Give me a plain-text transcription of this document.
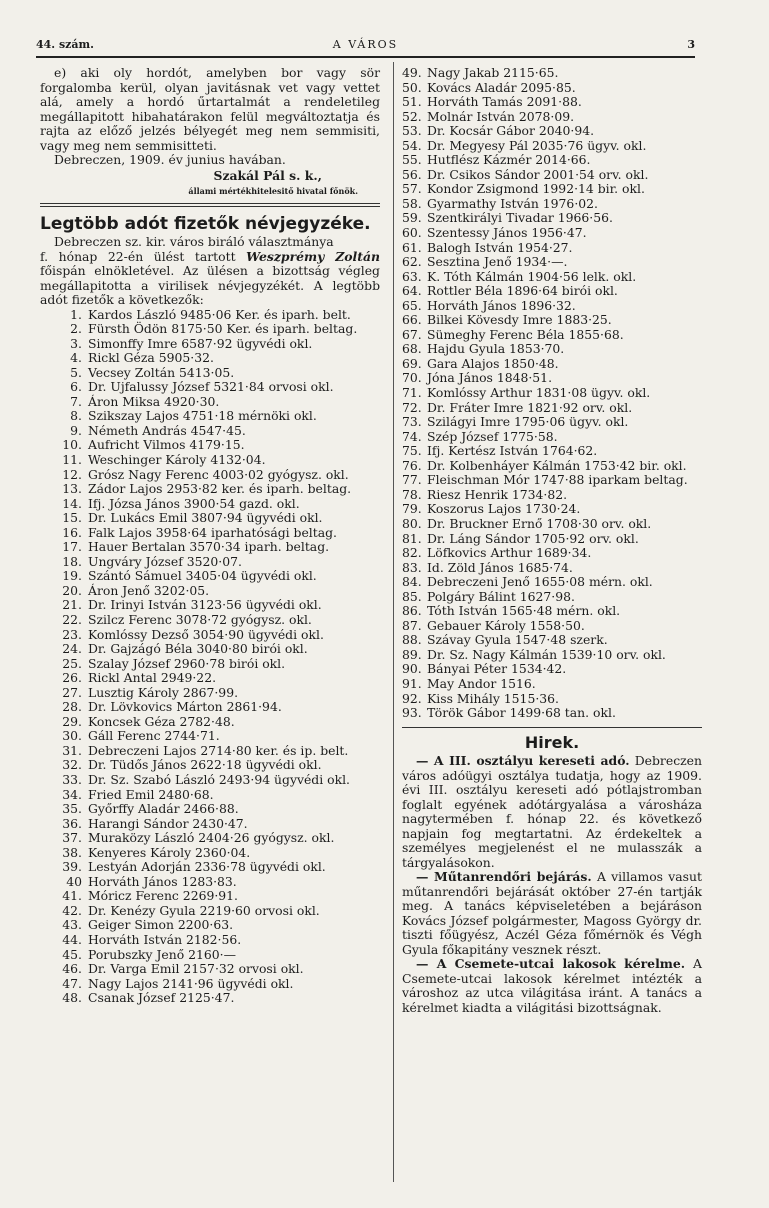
44. szám.	A VÁROS	3

e) aki oly hordót, amelyben bor vagy sör forgalomba kerül, olyan javitásnak vet vagy vettet alá, amely a hordó űrtartalmát a rendeletileg megállapitott hibahatárakon felül megváltoztatja és rajta az előző jelzés bélyegét meg nem semmisiti, vagy meg nem semmisitteti.

Debreczen, 1909. év junius havában.

Szakál Pál s. k.,
állami mértékhitelesitő hivatal főnök.
Legtöbb adót fizetők névjegyzéke.

Debreczen sz. kir. város biráló választmánya

f. hónap 22-én ülést tartott Weszprémy Zoltán főispán elnökletével. Az ülésen a bizottság végleg megállapitotta a virilisek névjegyzékét. A legtöbb adót fizetők a következők:

1. Kardos László 9485·06 Ker. és iparh. belt.
2. Fürsth Ödön 8175·50 Ker. és iparh. beltag.
3. Simonffy Imre 6587·92 ügyvédi okl.
4. Rickl Géza 5905·32.
5. Vecsey Zoltán 5413·05.
6. Dr. Ujfalussy József 5321·84 orvosi okl.
7. Áron Miksa 4920·30.
8. Szikszay Lajos 4751·18 mérnöki okl.
9. Németh András 4547·45.
10. Aufricht Vilmos 4179·15.
11. Weschinger Károly 4132·04.
12. Grósz Nagy Ferenc 4003·02 gyógysz. okl.
13. Zádor Lajos 2953·82 ker. és iparh. beltag.
14. Ifj. Józsa János 3900·54 gazd. okl.
15. Dr. Lukács Emil 3807·94 ügyvédi okl.
16. Falk Lajos 3958·64 iparhatósági beltag.
17. Hauer Bertalan 3570·34 iparh. beltag.
18. Ungváry József 3520·07.
19. Szántó Sámuel 3405·04 ügyvédi okl.
20. Áron Jenő 3202·05.
21. Dr. Irinyi István 3123·56 ügyvédi okl.
22. Szilcz Ferenc 3078·72 gyógysz. okl.
23. Komlóssy Dezső 3054·90 ügyvédi okl.
24. Dr. Gajzágó Béla 3040·80 birói okl.
25. Szalay József 2960·78 birói okl.
26. Rickl Antal 2949·22.
27. Lusztig Károly 2867·99.
28. Dr. Lövkovics Márton 2861·94.
29. Koncsek Géza 2782·48.
30. Gáll Ferenc 2744·71.
31. Debreczeni Lajos 2714·80 ker. és ip. belt.
32. Dr. Tüdős János 2622·18 ügyvédi okl.
33. Dr. Sz. Szabó László 2493·94 ügyvédi okl.
34. Fried Emil 2480·68.
35. Győrffy Aladár 2466·88.
36. Harangi Sándor 2430·47.
37. Muraközy László 2404·26 gyógysz. okl.
38. Kenyeres Károly 2360·04.
39. Lestyán Adorján 2336·78 ügyvédi okl.
40 Horváth János 1283·83.
41. Móricz Ferenc 2269·91.
42. Dr. Kenézy Gyula 2219·60 orvosi okl.
43. Geiger Simon 2200·63.
44. Horváth István 2182·56.
45. Porubszky Jenő 2160·—
46. Dr. Varga Emil 2157·32 orvosi okl.
47. Nagy Lajos 2141·96 ügyvédi okl.
48. Csanak József 2125·47.
49. Nagy Jakab 2115·65.
50. Kovács Aladár 2095·85.
51. Horváth Tamás 2091·88.
52. Molnár István 2078·09.
53. Dr. Kocsár Gábor 2040·94.
54. Dr. Megyesy Pál 2035·76 ügyv. okl.
55. Hutflész Kázmér 2014·66.
56. Dr. Csikos Sándor 2001·54 orv. okl.
57. Kondor Zsigmond 1992·14 bir. okl.
58. Gyarmathy István 1976·02.
59. Szentkirályi Tivadar 1966·56.
60. Szentessy János 1956·47.
61. Balogh István 1954·27.
62. Sesztina Jenő 1934·—.
63. K. Tóth Kálmán 1904·56 lelk. okl.
64. Rottler Béla 1896·64 birói okl.
65. Horváth János 1896·32.
66. Bilkei Kövesdy Imre 1883·25.
67. Sümeghy Ferenc Béla 1855·68.
68. Hajdu Gyula 1853·70.
69. Gara Alajos 1850·48.
70. Jóna János 1848·51.
71. Komlóssy Arthur 1831·08 ügyv. okl.
72. Dr. Fráter Imre 1821·92 orv. okl.
73. Szilágyi Imre 1795·06 ügyv. okl.
74. Szép József 1775·58.
75. Ifj. Kertész István 1764·62.
76. Dr. Kolbenháyer Kálmán 1753·42 bir. okl.
77. Fleischman Mór 1747·88 iparkam beltag.
78. Riesz Henrik 1734·82.
79. Koszorus Lajos 1730·24.
80. Dr. Bruckner Ernő 1708·30 orv. okl.
81. Dr. Láng Sándor 1705·92 orv. okl.
82. Löfkovics Arthur 1689·34.
83. Id. Zöld János 1685·74.
84. Debreczeni Jenő 1655·08 mérn. okl.
85. Polgáry Bálint 1627·98.
86. Tóth István 1565·48 mérn. okl.
87. Gebauer Károly 1558·50.
88. Szávay Gyula 1547·48 szerk.
89. Dr. Sz. Nagy Kálmán 1539·10 orv. okl.
90. Bányai Péter 1534·42.
91. May Andor 1516.
92. Kiss Mihály 1515·36.
93. Török Gábor 1499·68 tan. okl.
Hirek.

— A III. osztályu kereseti adó. Debreczen város adóügyi osztálya tudatja, hogy az 1909. évi III. osztályu kereseti adó pótlajstromban foglalt egyének adótárgyalása a városháza nagytermében f. hónap 22. és következő napjain fog megtartatni. Az érdekeltek a személyes megjelenést el ne mulasszák a tárgyalásokon.

— Műtanrendőri bejárás. A villamos vasut műtanrendőri bejárását október 27-én tartják meg. A tanács képviseletében a bejáráson Kovács József polgármester, Magoss György dr. tiszti főügyész, Aczél Géza főmérnök és Végh Gyula főkapitány vesznek részt.

— A Csemete-utcai lakosok kérelme. A Csemete-utcai lakosok kérelmet intézték a városhoz az utca világitása iránt. A tanács a kérelmet kiadta a világitási bizottságnak.
